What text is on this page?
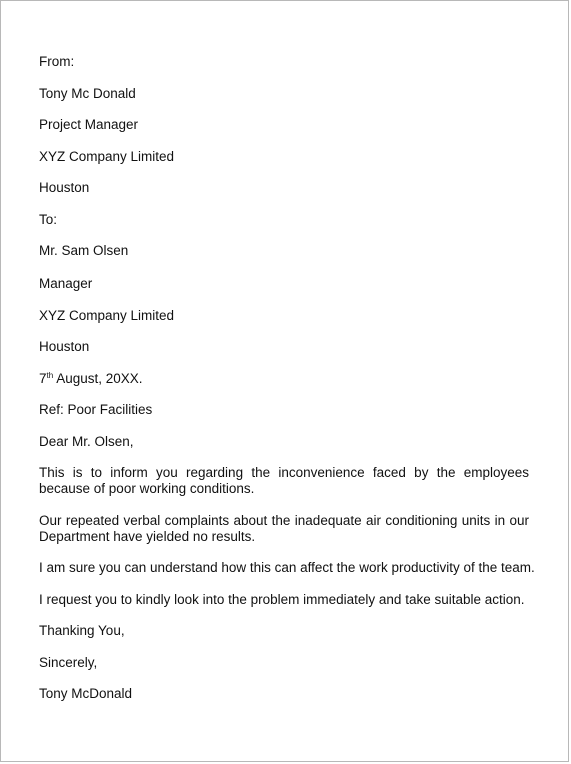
From:

Tony Mc Donald

Project Manager

XYZ Company Limited

Houston

To:

Mr. Sam Olsen

Manager

XYZ Company Limited

Houston

7th August, 20XX.

Ref: Poor Facilities

Dear Mr. Olsen,

This is to inform you regarding the inconvenience faced by the employees because of poor working conditions.

Our repeated verbal complaints about the inadequate air conditioning units in our Department have yielded no results.

I am sure you can understand how this can affect the work productivity of the team.

I request you to kindly look into the problem immediately and take suitable action.

Thanking You,

Sincerely,

Tony McDonald
